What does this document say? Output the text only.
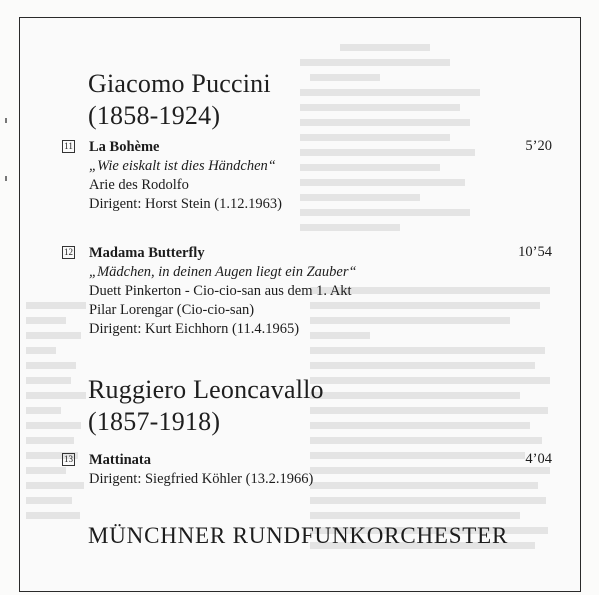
Giacomo Puccini
(1858-1924)
11 La Bohème
„Wie eiskalt ist dies Händchen“
Arie des Rodolfo
Dirigent: Horst Stein (1.12.1963)
5’20
12 Madama Butterfly
„Mädchen, in deinen Augen liegt ein Zauber“
Duett Pinkerton - Cio-cio-san aus dem 1. Akt
Pilar Lorengar (Cio-cio-san)
Dirigent: Kurt Eichhorn (11.4.1965)
10’54
Ruggiero Leoncavallo
(1857-1918)
13 Mattinata
Dirigent: Siegfried Köhler (13.2.1966)
4’04
MÜNCHNER RUNDFUNKORCHESTER
